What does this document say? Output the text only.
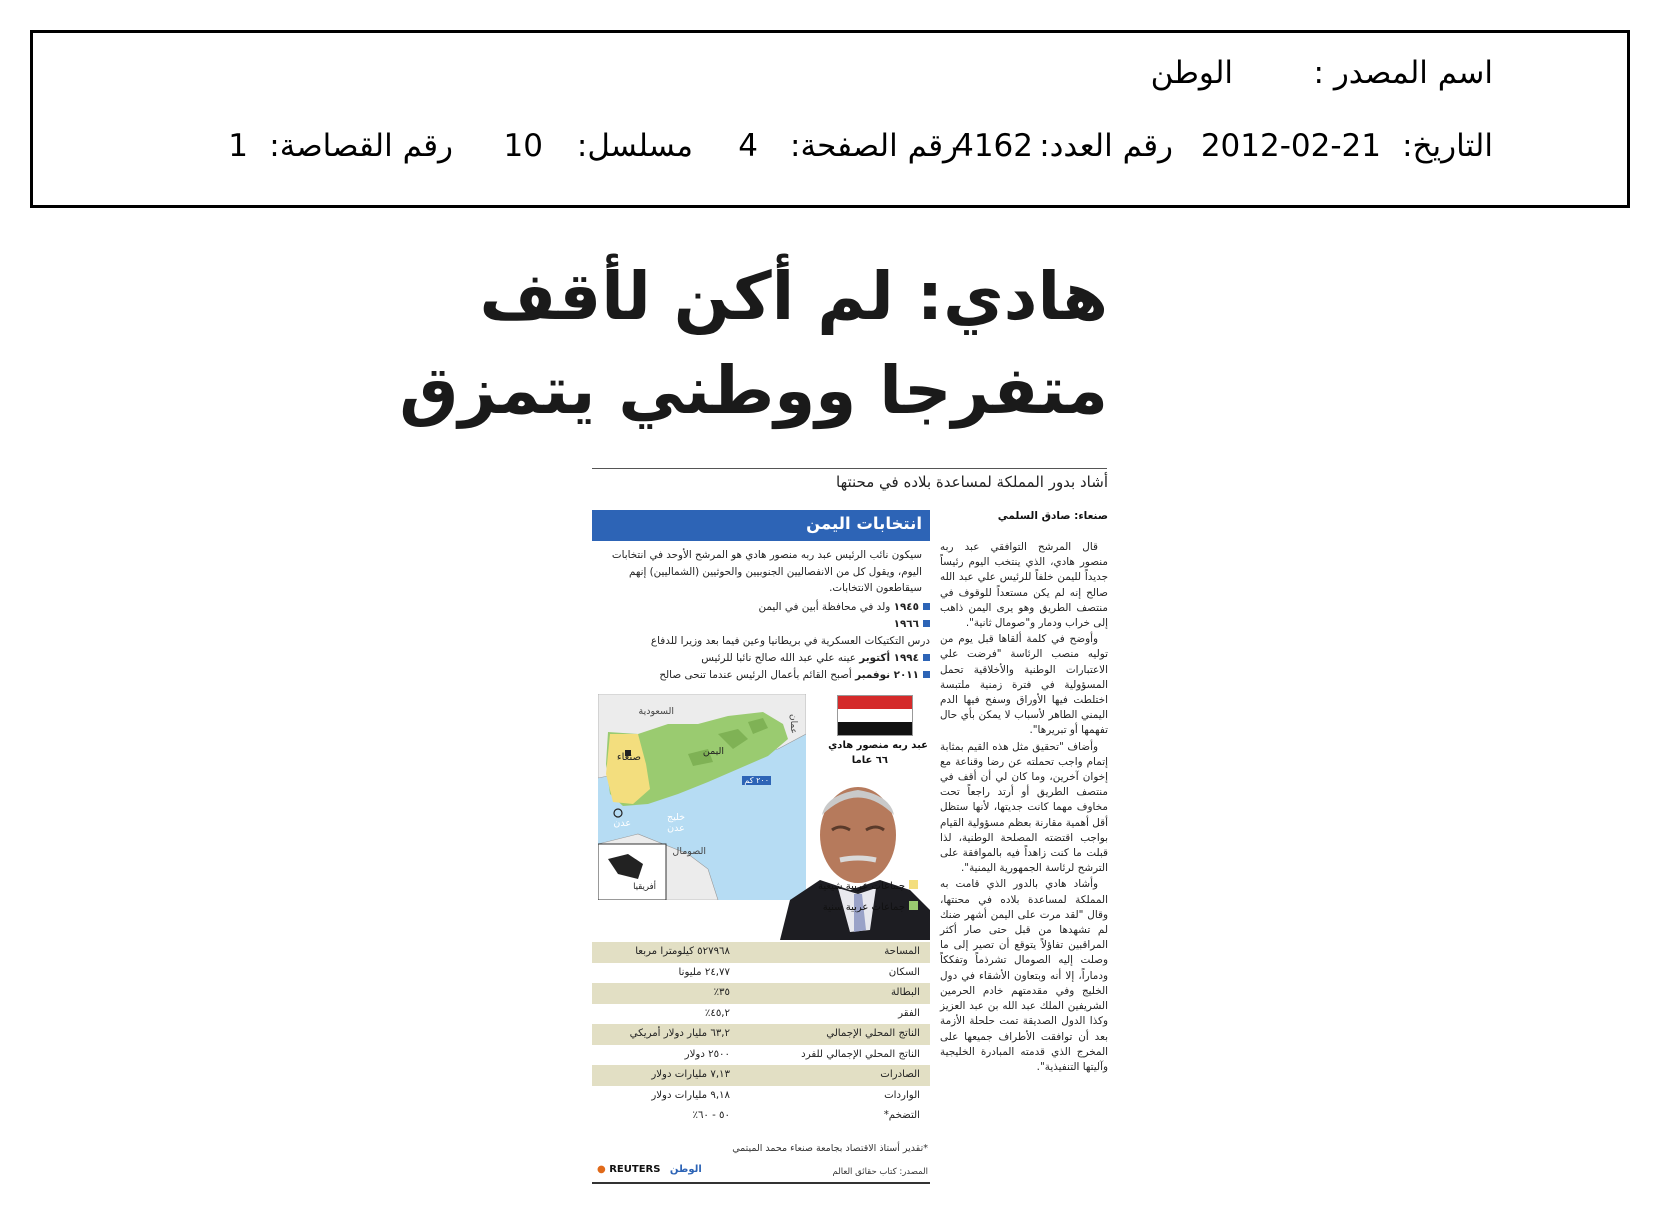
اسم المصدر :
الوطن
التاريخ:
2012-02-21
رقم العدد:
4162
رقم الصفحة:
4
مسلسل:
10
رقم القصاصة:
1
هادي: لم أكن لأقف
متفرجا ووطني يتمزق
أشاد بدور المملكة لمساعدة بلاده في محنتها
صنعاء: صادق السلمي

قال المرشح التوافقي عبد ربه منصور هادي، الذي ينتخب اليوم رئيساً جديداً لليمن خلفاً للرئيس علي عبد الله صالح إنه لم يكن مستعداً للوقوف في منتصف الطريق وهو يرى اليمن ذاهب إلى خراب ودمار و"صومال ثانية".

وأوضح في كلمة ألقاها قبل يوم من توليه منصب الرئاسة "فرضت علي الاعتبارات الوطنية والأخلاقية تحمل المسؤولية في فترة زمنية ملتبسة اختلطت فيها الأوراق وسفح فيها الدم اليمني الطاهر لأسباب لا يمكن بأي حال تفهمها أو تبريرها".

وأضاف "تحقيق مثل هذه القيم بمثابة إتمام واجب تحملته عن رضا وقناعة مع إخوان آخرين، وما كان لي أن أقف في منتصف الطريق أو أرتد راجعاً تحت مخاوف مهما كانت جديتها، لأنها ستظل أقل أهمية مقارنة بعظم مسؤولية القيام بواجب اقتضته المصلحة الوطنية، لذا قبلت ما كنت زاهداً فيه بالموافقة على الترشح لرئاسة الجمهورية اليمنية".

وأشاد هادي بالدور الذي قامت به المملكة لمساعدة بلاده في محنتها، وقال "لقد مرت على اليمن أشهر ضنك لم تشهدها من قبل حتى صار أكثر المراقبين تفاؤلاً يتوقع أن تصير إلى ما وصلت إليه الصومال تشرذماً وتفككاً ودماراً، إلا أنه وبتعاون الأشقاء في دول الخليج وفي مقدمتهم خادم الحرمين الشريفين الملك عبد الله بن عبد العزيز وكذا الدول الصديقة تمت حلحلة الأزمة بعد أن توافقت الأطراف جميعها على المخرج الذي قدمته المبادرة الخليجية وآليتها التنفيذية".

انتخابات اليمن
سيكون نائب الرئيس عبد ربه منصور هادي هو المرشح الأوحد في انتخابات اليوم، ويقول كل من الانفصاليين الجنوبيين والحوثيين (الشماليين) إنهم سيقاطعون الانتخابات.
١٩٤٥ ولد في محافظة أبين في اليمن
١٩٦٦
درس التكتيكات العسكرية في بريطانيا وعين فيما بعد وزيرا للدفاع
١٩٩٤ أكتوبر عينه علي عبد الله صالح نائبا للرئيس
٢٠١١ نوفمبر أصبح القائم بأعمال الرئيس عندما تنحى صالح
السعودية
اليمن
صنعاء
عدن
خليج عدن
عمان
الصومال
أفريقيا
٢٠٠ كم
عبد ربه منصور هادي
٦٦ عاما
جماعات عربية شيعية
جماعات عربية سنية
المساحة
٥٢٧٩٦٨ كيلومترا مربعا
السكان
٢٤,٧٧ مليونا
البطالة
٣٥٪
الفقر
٤٥,٢٪
الناتج المحلي الإجمالي
٦٣,٢ مليار دولار أمريكي
الناتج المحلي الإجمالي للفرد
٢٥٠٠ دولار
الصادرات
٧,١٣ مليارات دولار
الواردات
٩,١٨ مليارات دولار
التضخم*
٥٠ - ٦٠٪
*تقدير أستاذ الاقتصاد بجامعة صنعاء محمد الميتمي
المصدر: كتاب حقائق العالم
● REUTERS الوطن
